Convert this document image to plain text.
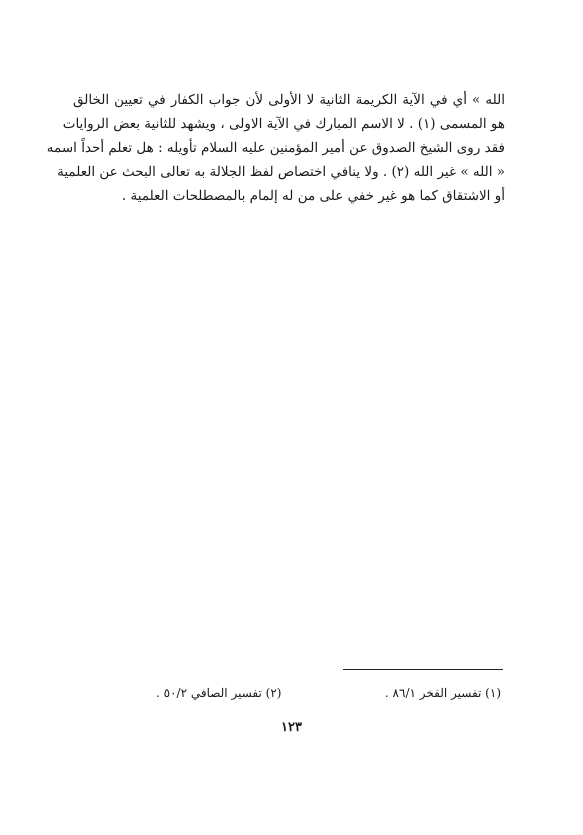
الله » أي في الآية الكريمة الثانية لا الأولى لأن جواب الكفار في تعيين الخالق
هو المسمى (١) . لا الاسم المبارك في الآية الاولى ، ويشهد للثانية بعض الروايات
فقد روى الشيخ الصدوق عن أمير المؤمنين عليه السلام تأويله : هل تعلم أحداً اسمه
« الله » غير الله (٢) . ولا ينافي اختصاص لفظ الجلالة به تعالى البحث عن العلمية
أو الاشتقاق كما هو غير خفي على من له إلمام بالمصطلحات العلمية .
(١) تفسير الفخر ٨٦/١ .
(٢) تفسير الصافي ٥٠/٢ .
١٢٣
